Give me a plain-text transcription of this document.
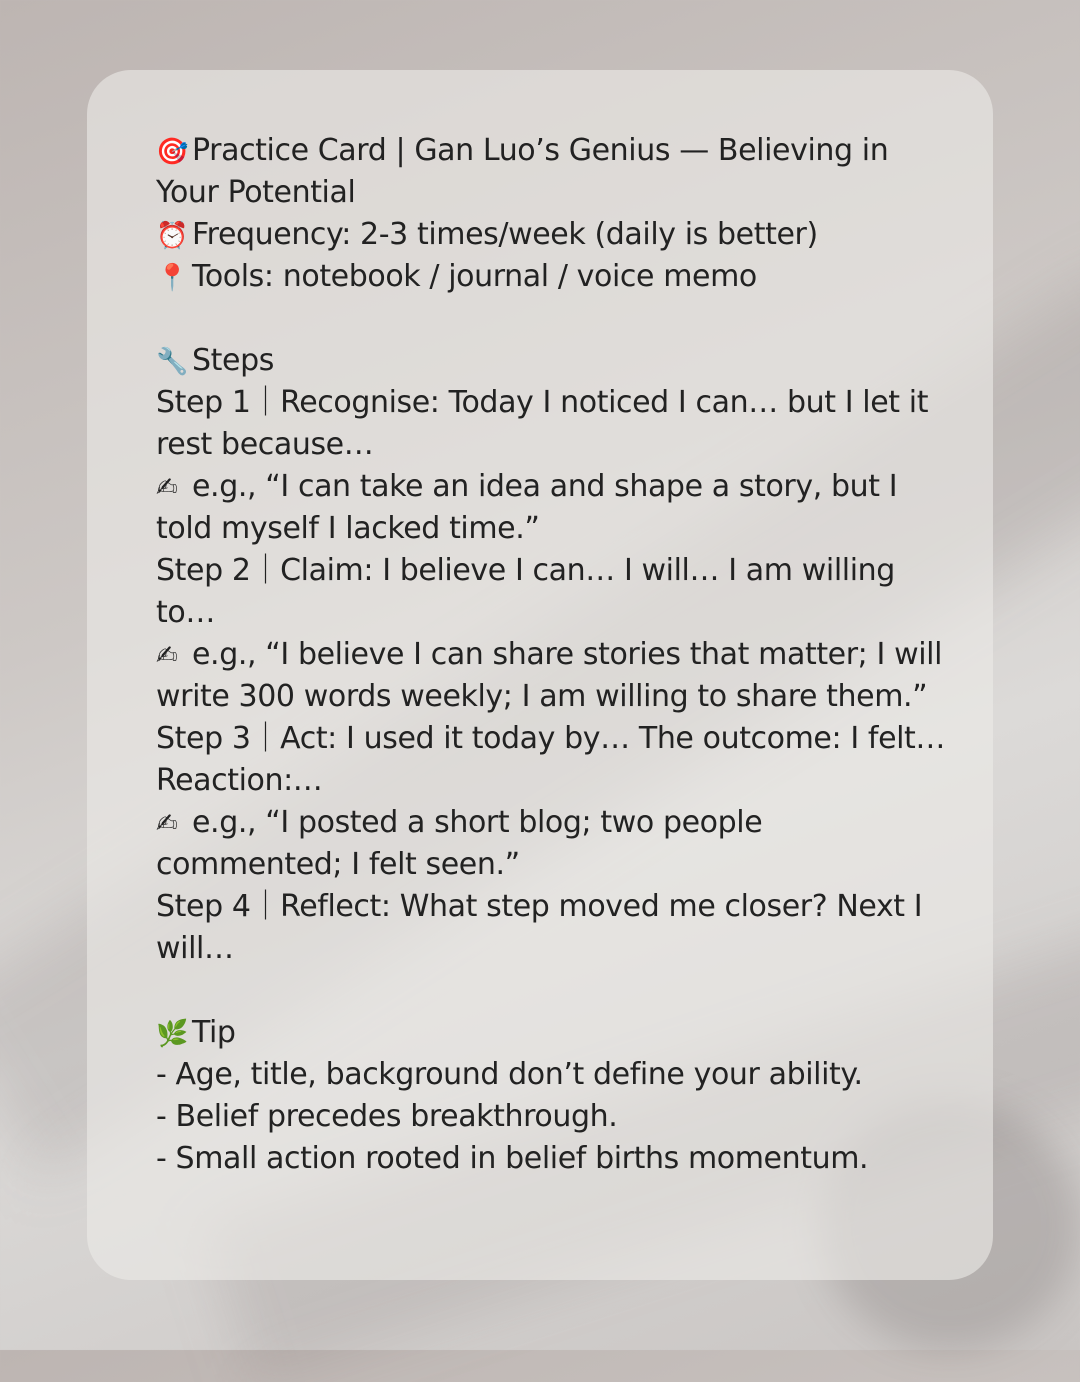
🎯 Practice Card | Gan Luo’s Genius — Believing in
Your Potential
⏰ Frequency: 2-3 times/week (daily is better)
📍 Tools: notebook / journal / voice memo
🔧 Steps
Step 1｜Recognise: Today I noticed I can… but I let it
rest because…
✍ e.g., “I can take an idea and shape a story, but I
told myself I lacked time.”
Step 2｜Claim: I believe I can… I will… I am willing
to…
✍ e.g., “I believe I can share stories that matter; I will
write 300 words weekly; I am willing to share them.”
Step 3｜Act: I used it today by… The outcome: I felt…
Reaction:…
✍ e.g., “I posted a short blog; two people
commented; I felt seen.”
Step 4｜Reflect: What step moved me closer? Next I
will…
🌿 Tip
- Age, title, background don’t define your ability.
- Belief precedes breakthrough.
- Small action rooted in belief births momentum.
